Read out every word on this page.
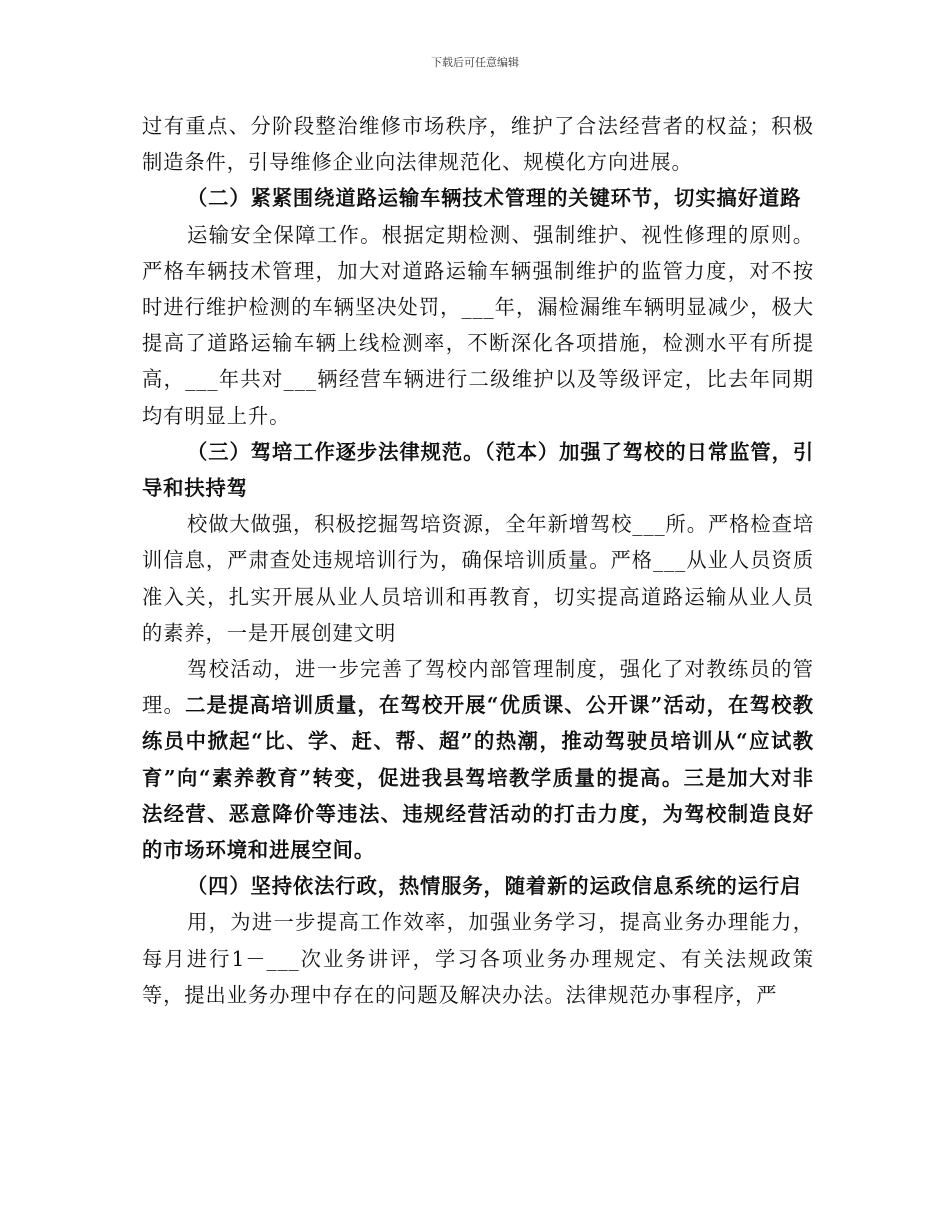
下载后可任意编辑

过有重点、分阶段整治维修市场秩序，维护了合法经营者的权益；积极制造条件，引导维修企业向法律规范化、规模化方向进展。

（二）紧紧围绕道路运输车辆技术管理的关键环节，切实搞好道路

运输安全保障工作。根据定期检测、强制维护、视性修理的原则。严格车辆技术管理，加大对道路运输车辆强制维护的监管力度，对不按时进行维护检测的车辆坚决处罚，___年，漏检漏维车辆明显减少，极大提高了道路运输车辆上线检测率，不断深化各项措施，检测水平有所提高，___年共对___辆经营车辆进行二级维护以及等级评定，比去年同期均有明显上升。

（三）驾培工作逐步法律规范。（范本）加强了驾校的日常监管，引导和扶持驾

校做大做强，积极挖掘驾培资源，全年新增驾校___所。严格检查培训信息，严肃查处违规培训行为，确保培训质量。严格___从业人员资质准入关，扎实开展从业人员培训和再教育，切实提高道路运输从业人员的素养，一是开展创建文明

驾校活动，进一步完善了驾校内部管理制度，强化了对教练员的管理。二是提高培训质量，在驾校开展“优质课、公开课”活动，在驾校教练员中掀起“比、学、赶、帮、超”的热潮，推动驾驶员培训从“应试教育”向“素养教育”转变，促进我县驾培教学质量的提高。三是加大对非法经营、恶意降价等违法、违规经营活动的打击力度，为驾校制造良好的市场环境和进展空间。

（四）坚持依法行政，热情服务，随着新的运政信息系统的运行启

用，为进一步提高工作效率，加强业务学习，提高业务办理能力，每月进行1－___次业务讲评，学习各项业务办理规定、有关法规政策等，提出业务办理中存在的问题及解决办法。法律规范办事程序，严
